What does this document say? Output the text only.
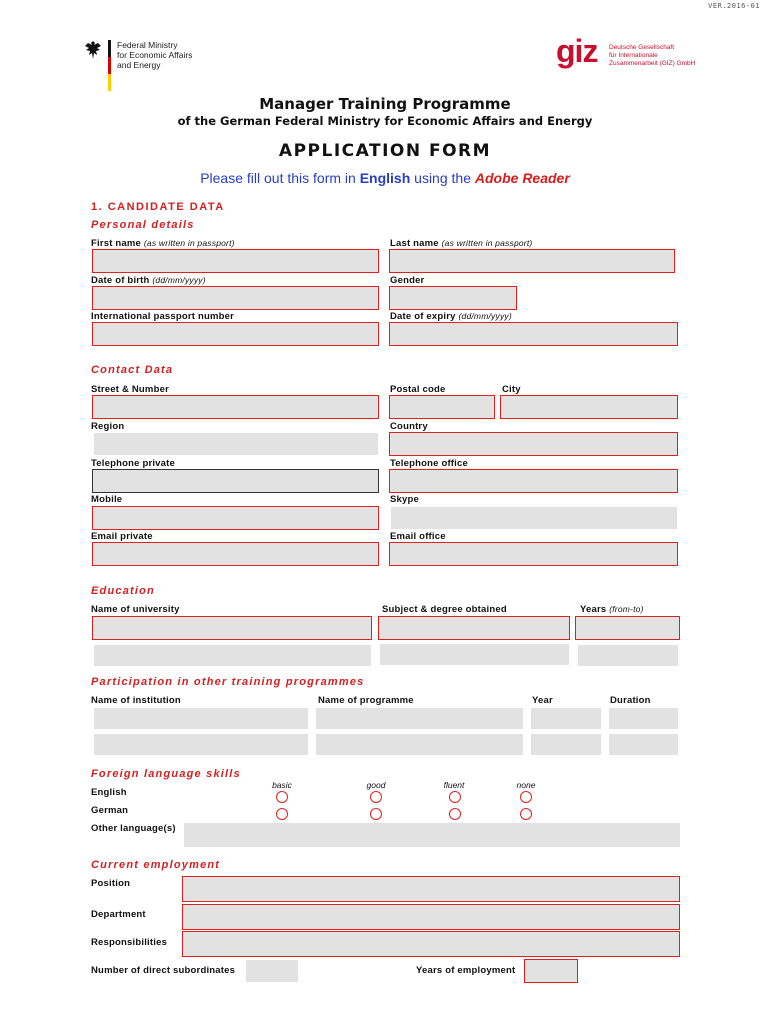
VER.2016-01
Federal Ministry
for Economic Affairs
and Energy	giz Deutsche Gesellschaft
für Internationale
Zusammenarbeit (GIZ) GmbH
Manager Training Programme
of the German Federal Ministry for Economic Affairs and Energy
APPLICATION FORM
Please fill out this form in English using the Adobe Reader
1. CANDIDATE DATA
Personal details
First name (as written in passport)	Last name (as written in passport)
Date of birth (dd/mm/yyyy)	Gender
International passport number	Date of expiry (dd/mm/yyyy)
Contact Data
Street & Number	Postal code	City
Region	Country
Telephone private	Telephone office
Mobile	Skype
Email private	Email office
Education
Name of university	Subject & degree obtained	Years (from-to)
Participation in other training programmes
Name of institution	Name of programme	Year	Duration
Foreign language skills
basic	good	fluent	none
English
German
Other language(s)
Current employment
Position
Department
Responsibilities
Number of direct subordinates	Years of employment
